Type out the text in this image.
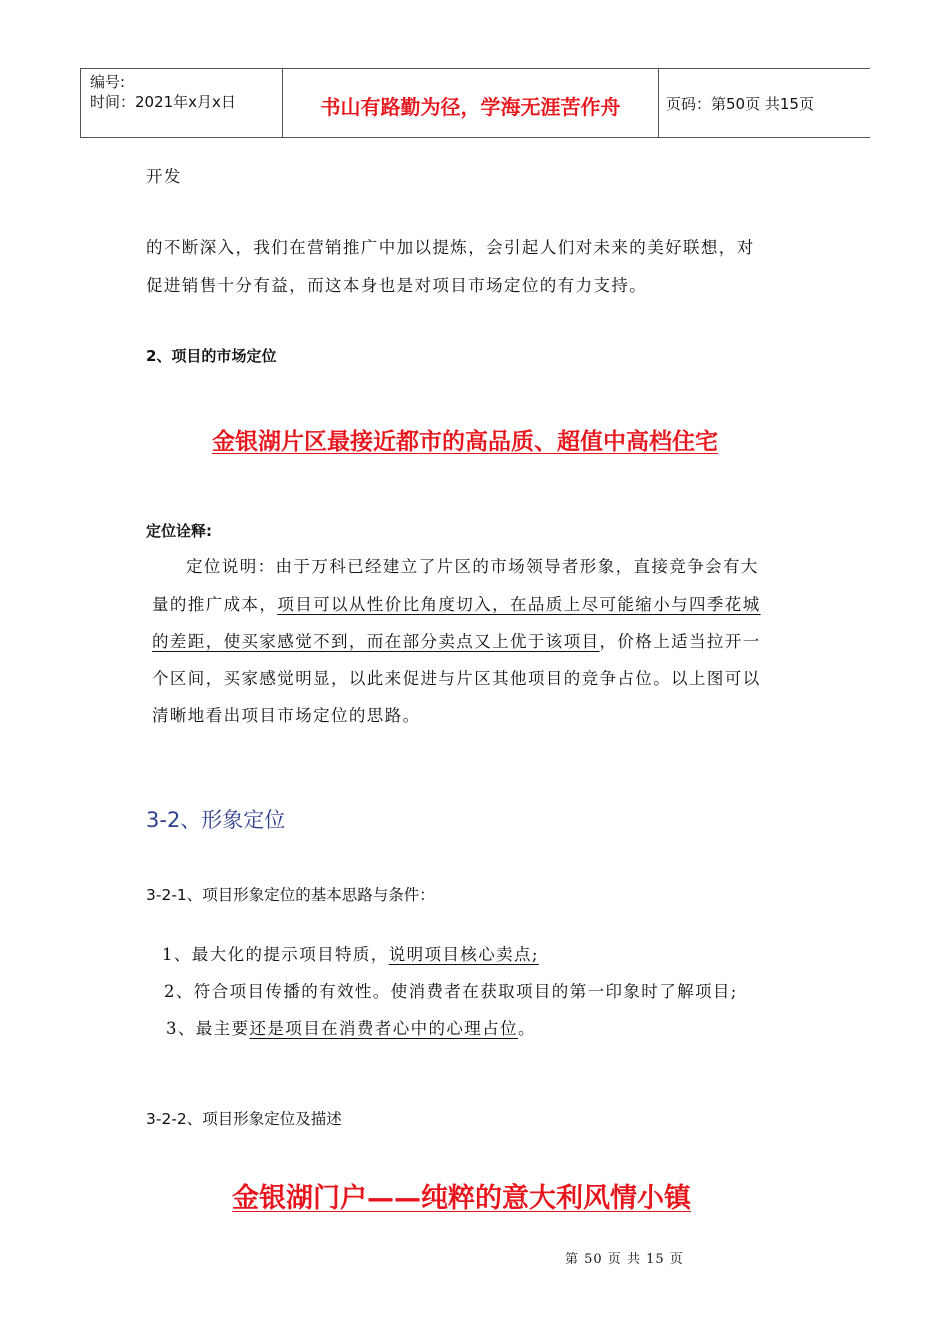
编号:
时间：2021年x月x日	书山有路勤为径，学海无涯苦作舟	页码：第50页 共15页
开发
的不断深入，我们在营销推广中加以提炼，会引起人们对未来的美好联想，对
促进销售十分有益，而这本身也是对项目市场定位的有力支持。
2、项目的市场定位
金银湖片区最接近都市的高品质、超值中高档住宅
定位诠释:
定位说明：由于万科已经建立了片区的市场领导者形象，直接竞争会有大
量的推广成本，项目可以从性价比角度切入，在品质上尽可能缩小与四季花城
的差距，使买家感觉不到，而在部分卖点又上优于该项目，价格上适当拉开一
个区间，买家感觉明显，以此来促进与片区其他项目的竞争占位。以上图可以
清晰地看出项目市场定位的思路。
3-2、形象定位
3-2-1、项目形象定位的基本思路与条件：
1、最大化的提示项目特质，说明项目核心卖点;
2、符合项目传播的有效性。使消费者在获取项目的第一印象时了解项目;
3、最主要还是项目在消费者心中的心理占位。
3-2-2、项目形象定位及描述
金银湖门户——纯粹的意大利风情小镇
第 50 页 共 15 页
